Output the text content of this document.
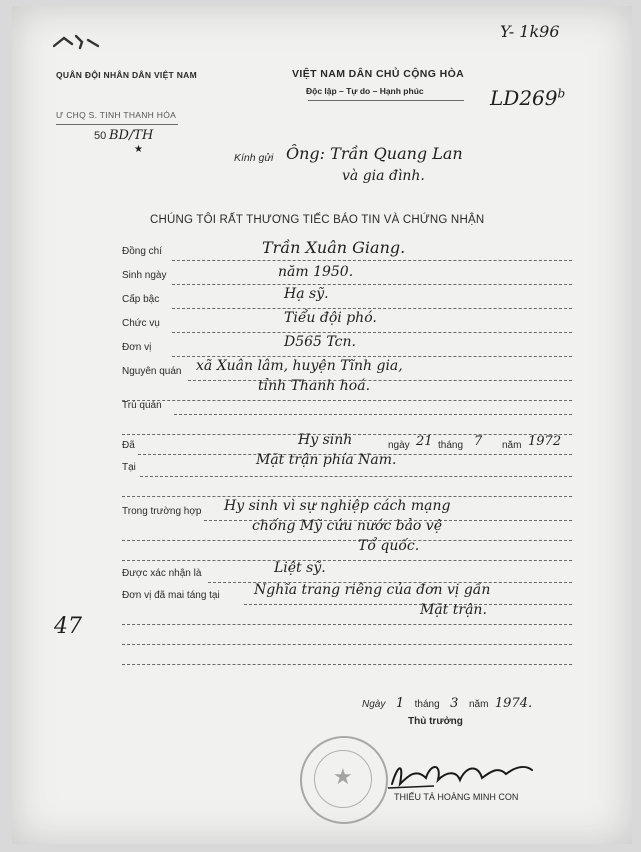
Y- 1k96
LD269$^b$
47
QUÂN ĐỘI NHÂN DÂN VIỆT NAM
Ư CHQ S. TINH THANH HÓA
50 BD/TH
★
VIỆT NAM DÂN CHỦ CỘNG HÒA
Độc lập – Tự do – Hạnh phúc
Kính gửi Ông: Trần Quang Lan
và gia đình.
CHÚNG TÔI RẤT THƯƠNG TIẾC BÁO TIN VÀ CHỨNG NHẬN
Đồng chí	Trần Xuân Giang.
Sinh ngày	năm 1950.
Cấp bậc	Hạ sỹ.
Chức vụ	Tiểu đội phó.
Đơn vị	D565 Tcn.
Nguyên quán xã Xuân lâm, huyện Tĩnh gia,
tỉnh Thanh hoá.
Trú quán
Đã	Hy sinh	ngày 21 tháng 7 năm 1972
Tại	Mặt trận phía Nam.
Trong trường hợp Hy sinh vì sự nghiệp cách mạng
chống Mỹ cứu nước bảo vệ
Tổ quốc.
Được xác nhận là	Liệt sỹ.
Đơn vị đã mai táng tại Nghĩa trang riêng của đơn vị gần
Mặt trận.
Ngày 1 tháng 3 năm 1974.
Thủ trưởng
★
THIẾU TÁ HOÀNG MINH CON
